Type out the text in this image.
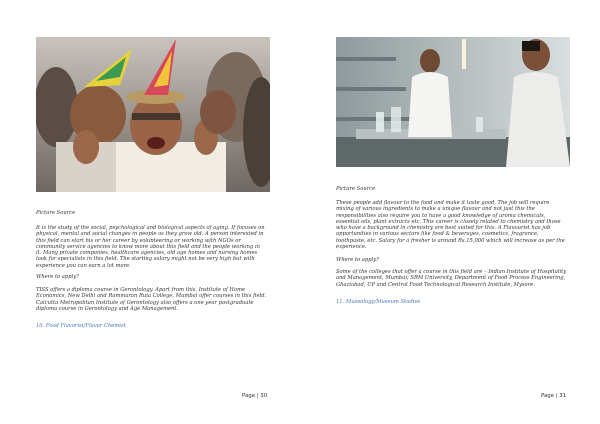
Picture Source

It is the study of the social, psychological and biological aspects of aging. If focuses on physical, mental and social changes in people as they grow old. A person interested in this field can start his or her career by volunteering or working with NGOs or community service agencies to know more about this field and the people working in it. Many private companies, healthcare agencies, old age homes and nursing homes look for specialists in this field. The starting salary might not be very high but with experience you can earn a lot more.

Where to apply?

TISS offers a diploma course in Gerontology. Apart from this, Institute of Home Economics, New Delhi and Rammaran Ruia College, Mumbai offer courses in this field. Calcutta Metropolitan Institute of Gerontology also offers a one year postgraduate diploma course in Gerontology and Age Management.

10. Food Flavorist/Flavor Chemist

Page | 30

Picture Source

These people add flavour to the food and make it taste good. The job will require mixing of various ingredients to make a unique flavour and not just this the responsibilities also require you to have a good knowledge of aroma chemicals, essential oils, plant extracts etc. This career is closely related to chemistry and those who have a background in chemistry are best suited for this. A Flavourist has job opportunities in various sectors like food & beverages, cosmetics, fragrance, toothpaste, etc. Salary for a fresher is around Rs.15,000 which will increase as per the experience.

Where to apply?

Some of the colleges that offer a course in this field are – Indian Institute of Hospitality and Management, Mumbai; SRM University, Department of Food Process Engineering, Ghaziabad, UP and Central Food Technological Research Institute, Mysore.

11. Museology/Museum Studies

Page | 31
